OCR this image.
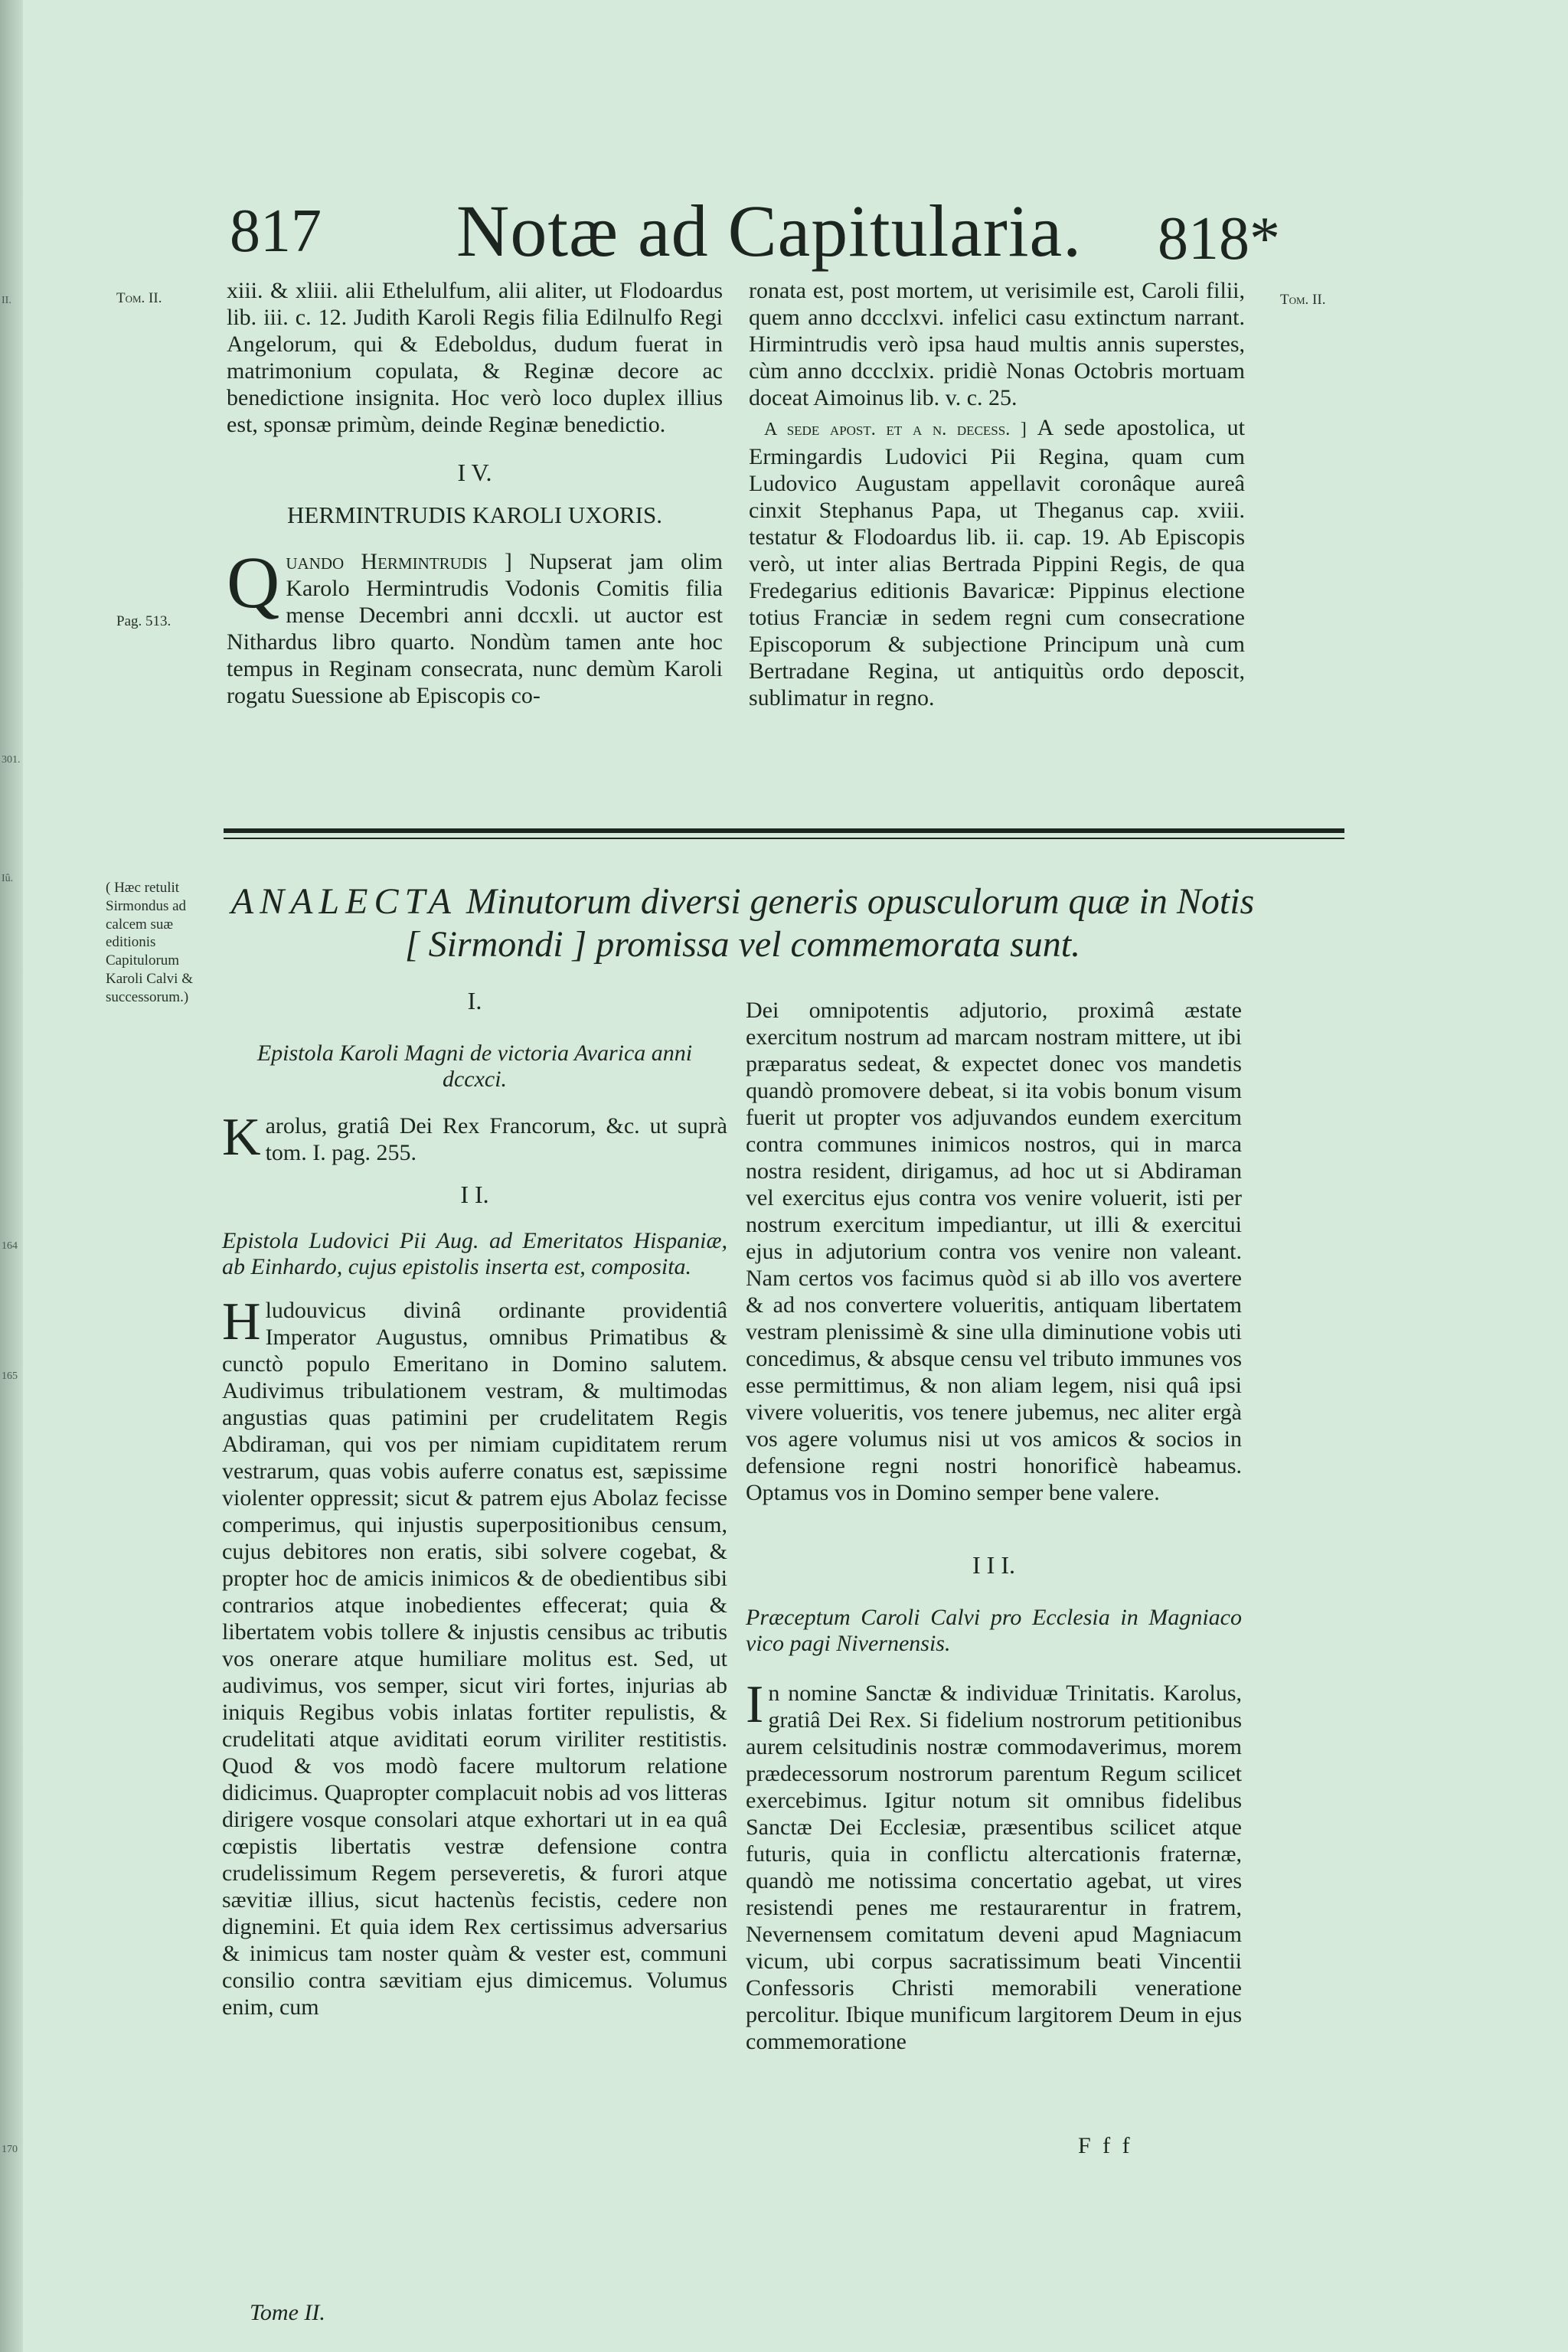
II.
301.
Iû.
164
165
170
817 Notæ ad Capitularia. 818*
Tom. II.
Pag. 513.
( Hæc retulit Sirmondus ad calcem suæ editionis Capitulorum Karoli Calvi & successorum.)
Tom. II.

xiii. & xliii. alii Ethelulfum, alii aliter, ut Flodoardus lib. iii. c. 12. Judith Karoli Regis filia Edilnulfo Regi Angelorum, qui & Edeboldus, dudum fuerat in matrimonium copulata, & Reginæ decore ac benedictione insignita. Hoc verò loco duplex illius est, sponsæ primùm, deinde Reginæ benedictio.

I V.
HERMINTRUDIS KAROLI UXORIS.

Quando Hermintrudis ] Nupserat jam olim Karolo Hermintrudis Vodonis Comitis filia mense Decembri anni dccxli. ut auctor est Nithardus libro quarto. Nondùm tamen ante hoc tempus in Reginam consecrata, nunc demùm Karoli rogatu Suessione ab Episcopis co-

ronata est, post mortem, ut verisimile est, Caroli filii, quem anno dccclxvi. infelici casu extinctum narrant. Hirmintrudis verò ipsa haud multis annis superstes, cùm anno dccclxix. pridiè Nonas Octobris mortuam doceat Aimoinus lib. v. c. 25.

A sede apost. et a n. decess. ] A sede apostolica, ut Ermingardis Ludovici Pii Regina, quam cum Ludovico Augustam appellavit coronâque aureâ cinxit Stephanus Papa, ut Theganus cap. xviii. testatur & Flodoardus lib. ii. cap. 19. Ab Episcopis verò, ut inter alias Bertrada Pippini Regis, de qua Fredegarius editionis Bavaricæ: Pippinus electione totius Franciæ in sedem regni cum consecratione Episcoporum & subjectione Principum unà cum Bertradane Regina, ut antiquitùs ordo deposcit, sublimatur in regno.

ANALECTA Minutorum diversi generis opusculorum quæ in Notis
[ Sirmondi ] promissa vel commemorata sunt.
I.
Epistola Karoli Magni de victoria Avarica anni dccxci.

Karolus, gratiâ Dei Rex Francorum, &c. ut suprà tom. I. pag. 255.

I I.
Epistola Ludovici Pii Aug. ad Emeritatos Hispaniæ, ab Einhardo, cujus epistolis inserta est, composita.

Hludouvicus divinâ ordinante providentiâ Imperator Augustus, omnibus Primatibus & cunctò populo Emeritano in Domino salutem. Audivimus tribulationem vestram, & multimodas angustias quas patimini per crudelitatem Regis Abdiraman, qui vos per nimiam cupiditatem rerum vestrarum, quas vobis auferre conatus est, sæpissime violenter oppressit; sicut & patrem ejus Abolaz fecisse comperimus, qui injustis superpositionibus censum, cujus debitores non eratis, sibi solvere cogebat, & propter hoc de amicis inimicos & de obedientibus sibi contrarios atque inobedientes effecerat; quia & libertatem vobis tollere & injustis censibus ac tributis vos onerare atque humiliare molitus est. Sed, ut audivimus, vos semper, sicut viri fortes, injurias ab iniquis Regibus vobis inlatas fortiter repulistis, & crudelitati atque aviditati eorum viriliter restitistis. Quod & vos modò facere multorum relatione didicimus. Quapropter complacuit nobis ad vos litteras dirigere vosque consolari atque exhortari ut in ea quâ cœpistis libertatis vestræ defensione contra crudelissimum Regem perseveretis, & furori atque sævitiæ illius, sicut hactenùs fecistis, cedere non dignemini. Et quia idem Rex certissimus adversarius & inimicus tam noster quàm & vester est, communi consilio contra sævitiam ejus dimicemus. Volumus enim, cum

Tome II.

Dei omnipotentis adjutorio, proximâ æstate exercitum nostrum ad marcam nostram mittere, ut ibi præparatus sedeat, & expectet donec vos mandetis quandò promovere debeat, si ita vobis bonum visum fuerit ut propter vos adjuvandos eundem exercitum contra communes inimicos nostros, qui in marca nostra resident, dirigamus, ad hoc ut si Abdiraman vel exercitus ejus contra vos venire voluerit, isti per nostrum exercitum impediantur, ut illi & exercitui ejus in adjutorium contra vos venire non valeant. Nam certos vos facimus quòd si ab illo vos avertere & ad nos convertere volueritis, antiquam libertatem vestram plenissimè & sine ulla diminutione vobis uti concedimus, & absque censu vel tributo immunes vos esse permittimus, & non aliam legem, nisi quâ ipsi vivere volueritis, vos tenere jubemus, nec aliter ergà vos agere volumus nisi ut vos amicos & socios in defensione regni nostri honorificè habeamus. Optamus vos in Domino semper bene valere.

I I I.
Præceptum Caroli Calvi pro Ecclesia in Magniaco vico pagi Nivernensis.

In nomine Sanctæ & individuæ Trinitatis. Karolus, gratiâ Dei Rex. Si fidelium nostrorum petitionibus aurem celsitudinis nostræ commodaverimus, morem prædecessorum nostrorum parentum Regum scilicet exercebimus. Igitur notum sit omnibus fidelibus Sanctæ Dei Ecclesiæ, præsentibus scilicet atque futuris, quia in conflictu altercationis fraternæ, quandò me notissima concertatio agebat, ut vires resistendi penes me restaurarentur in fratrem, Nevernensem comitatum deveni apud Magniacum vicum, ubi corpus sacratissimum beati Vincentii Confessoris Christi memorabili veneratione percolitur. Ibique munificum largitorem Deum in ejus commemoratione

F f f
